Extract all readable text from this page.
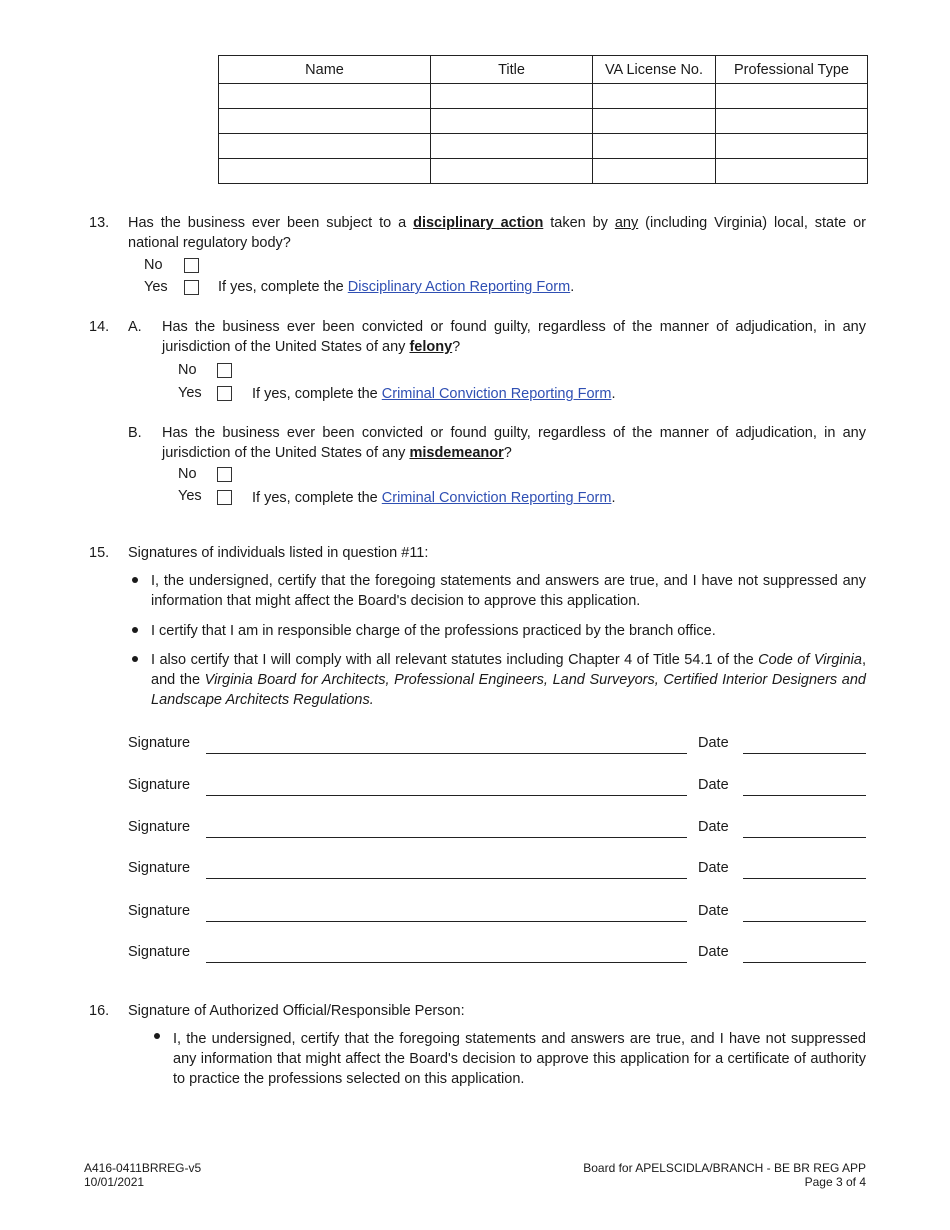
Name	Title	VA License No.	Professional Type

13. Has the business ever been subject to a disciplinary action taken by any (including Virginia) local, state or national regulatory body?
No
Yes	If yes, complete the Disciplinary Action Reporting Form.
14. A. Has the business ever been convicted or found guilty, regardless of the manner of adjudication, in any jurisdiction of the United States of any felony?
No
Yes	If yes, complete the Criminal Conviction Reporting Form.
B. Has the business ever been convicted or found guilty, regardless of the manner of adjudication, in any jurisdiction of the United States of any misdemeanor?
No
Yes	If yes, complete the Criminal Conviction Reporting Form.
15. Signatures of individuals listed in question #11:
I, the undersigned, certify that the foregoing statements and answers are true, and I have not suppressed any information that might affect the Board's decision to approve this application.
I certify that I am in responsible charge of the professions practiced by the branch office.
I also certify that I will comply with all relevant statutes including Chapter 4 of Title 54.1 of the Code of Virginia, and the Virginia Board for Architects, Professional Engineers, Land Surveyors, Certified Interior Designers and Landscape Architects Regulations.
Signature	Date
Signature	Date
Signature	Date
Signature	Date
Signature	Date
Signature	Date
16. Signature of Authorized Official/Responsible Person:
I, the undersigned, certify that the foregoing statements and answers are true, and I have not suppressed any information that might affect the Board's decision to approve this application for a certificate of authority to practice the professions selected on this application.
A416-0411BRREG-v5
10/01/2021
Board for APELSCIDLA/BRANCH - BE BR REG APP
Page 3 of 4
